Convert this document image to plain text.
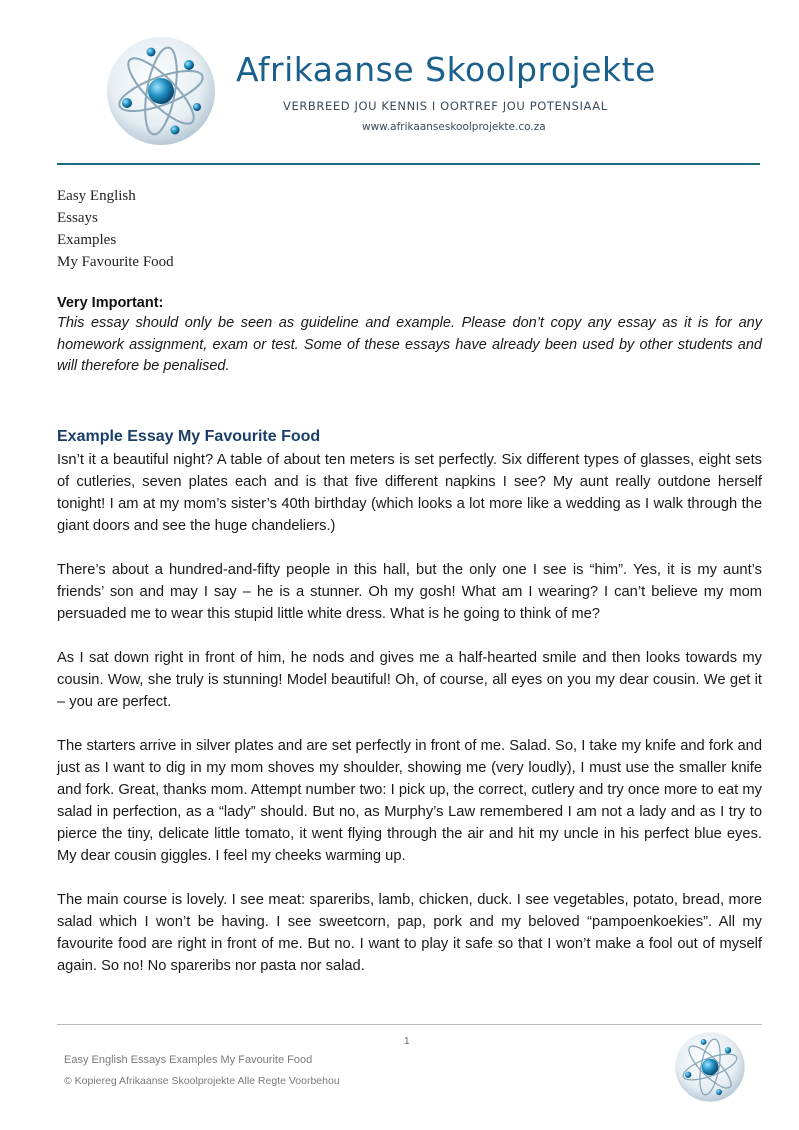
Afrikaanse Skoolprojekte
VERBREED JOU KENNIS I OORTREF JOU POTENSIAAL
www.afrikaanseskoolprojekte.co.za
Easy English
Essays
Examples
My Favourite Food
Very Important:
This essay should only be seen as guideline and example. Please don’t copy any essay as it is for any homework assignment, exam or test. Some of these essays have already been used by other students and will therefore be penalised.
Example Essay My Favourite Food

Isn’t it a beautiful night? A table of about ten meters is set perfectly. Six different types of glasses, eight sets of cutleries, seven plates each and is that five different napkins I see? My aunt really outdone herself tonight! I am at my mom’s sister’s 40th birthday (which looks a lot more like a wedding as I walk through the giant doors and see the huge chandeliers.)

There’s about a hundred-and-fifty people in this hall, but the only one I see is “him”. Yes, it is my aunt’s friends’ son and may I say – he is a stunner. Oh my gosh! What am I wearing? I can’t believe my mom persuaded me to wear this stupid little white dress. What is he going to think of me?

As I sat down right in front of him, he nods and gives me a half-hearted smile and then looks towards my cousin. Wow, she truly is stunning! Model beautiful! Oh, of course, all eyes on you my dear cousin. We get it – you are perfect.

The starters arrive in silver plates and are set perfectly in front of me. Salad. So, I take my knife and fork and just as I want to dig in my mom shoves my shoulder, showing me (very loudly), I must use the smaller knife and fork. Great, thanks mom. Attempt number two: I pick up, the correct, cutlery and try once more to eat my salad in perfection, as a “lady” should. But no, as Murphy’s Law remembered I am not a lady and as I try to pierce the tiny, delicate little tomato, it went flying through the air and hit my uncle in his perfect blue eyes. My dear cousin giggles. I feel my cheeks warming up.

The main course is lovely. I see meat: spareribs, lamb, chicken, duck. I see vegetables, potato, bread, more salad which I won’t be having. I see sweetcorn, pap, pork and my beloved “pampoenkoekies”. All my favourite food are right in front of me. But no. I want to play it safe so that I won’t make a fool out of myself again. So no! No spareribs nor pasta nor salad.

1
Easy English Essays Examples My Favourite Food
© Kopiereg Afrikaanse Skoolprojekte Alle Regte Voorbehou
